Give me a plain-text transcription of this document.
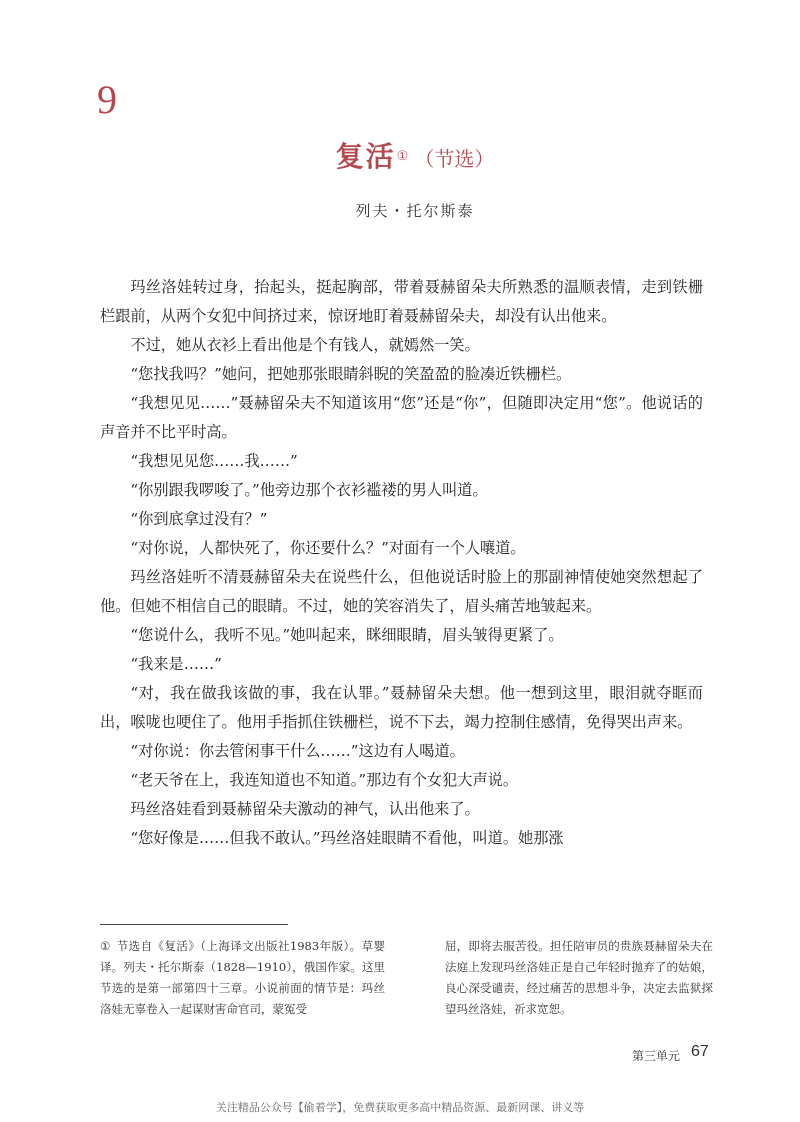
9
复活① （节选）
列夫・托尔斯泰

玛丝洛娃转过身，抬起头，挺起胸部，带着聂赫留朵夫所熟悉的温顺表情，走到铁栅栏跟前，从两个女犯中间挤过来，惊讶地盯着聂赫留朵夫，却没有认出他来。

不过，她从衣衫上看出他是个有钱人，就嫣然一笑。

“您找我吗？”她问，把她那张眼睛斜睨的笑盈盈的脸凑近铁栅栏。

“我想见见……”聂赫留朵夫不知道该用“您”还是“你”，但随即决定用“您”。他说话的声音并不比平时高。

“我想见见您……我……”

“你别跟我啰唆了。”他旁边那个衣衫褴褛的男人叫道。

“你到底拿过没有？”

“对你说，人都快死了，你还要什么？”对面有一个人嚷道。

玛丝洛娃听不清聂赫留朵夫在说些什么，但他说话时脸上的那副神情使她突然想起了他。但她不相信自己的眼睛。不过，她的笑容消失了，眉头痛苦地皱起来。

“您说什么，我听不见。”她叫起来，眯细眼睛，眉头皱得更紧了。

“我来是……”

“对，我在做我该做的事，我在认罪。”聂赫留朵夫想。他一想到这里，眼泪就夺眶而出，喉咙也哽住了。他用手指抓住铁栅栏，说不下去，竭力控制住感情，免得哭出声来。

“对你说：你去管闲事干什么……”这边有人喝道。

“老天爷在上，我连知道也不知道。”那边有个女犯大声说。

玛丝洛娃看到聂赫留朵夫激动的神气，认出他来了。

“您好像是……但我不敢认。”玛丝洛娃眼睛不看他，叫道。她那涨

① 节选自《复活》（上海译文出版社1983年版）。草婴译。列夫・托尔斯泰（1828—1910），俄国作家。这里节选的是第一部第四十三章。小说前面的情节是：玛丝洛娃无辜卷入一起谋财害命官司，蒙冤受
屈，即将去服苦役。担任陪审员的贵族聂赫留朵夫在法庭上发现玛丝洛娃正是自己年轻时抛弃了的姑娘，良心深受谴责，经过痛苦的思想斗争，决定去监狱探望玛丝洛娃，祈求宽恕。
第三单元 67
关注精品公众号【偷着学】，免费获取更多高中精品资源、最新网课、讲义等
